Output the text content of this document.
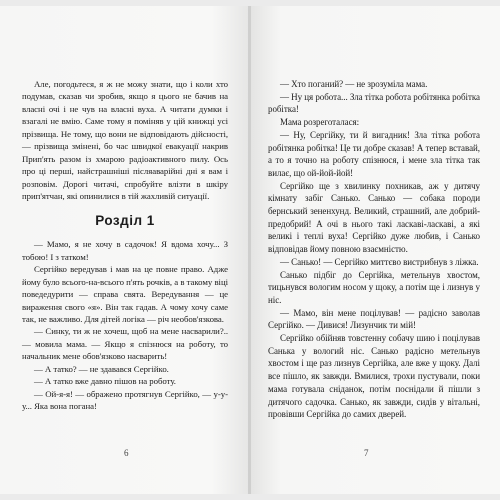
Але, погодьтеся, я ж не можу знати, що і коли хто подумав, сказав чи зробив, якщо я цього не бачив на власні очі і не чув на власні вуха. А читати думки і взагалі не вмію. Саме тому я поміняв у цій книжці усі прізвища. Не тому, що вони не відповідають дійсності, — прізвища змінені, бо час швидкої евакуації накрив Прип'ять разом із хмарою радіоактивного пилу. Ось про ці перші, найстрашніші післяаварійні дні я вам і розповім. Дорогі читачі, спробуйте влізти в шкіру прип'ятчан, які опинилися в тій жахливій ситуації.

Розділ 1

— Мамо, я не хочу в садочок! Я вдома хочу... З тобою! І з татком!

Сергійко вередував і мав на це повне право. Адже йому було всього-на-всього п'ять рочків, а в такому віці поведедурити — справа свята. Вередування — це вираження свого «я». Він так гадав. А чому хочу саме так, не важливо. Для дітей логіка — річ необов'язкова.

— Синку, ти ж не хочеш, щоб на мене насварили?.. — мовила мама. — Якщо я спізнюся на роботу, то начальник мене обов'язково насварить!

— А татко? — не здавався Сергійко.

— А татко вже давно пішов на роботу.

— Ой-я-я! — ображено протягнув Сергійко, — у-у-у... Яка вона погана!

6

— Хто поганий? — не зрозуміла мама.

— Ну ця робота... Зла тітка робота робітянка робітка робітка!

Мама розреготалася:

— Ну, Сергійку, ти й вигадник! Зла тітка робота робітянка робітка! Це ти добре сказав! А тепер вставай, а то я точно на роботу спізнюся, і мене зла тітка так вилає, що ой-йой-йой!

Сергійко ще з хвилинку похникав, аж у дитячу кімнату забіг Санько. Санько — собака породи бернський зененхунд. Великий, страшний, але добрий-предобрий! А очі в нього такі ласкаві-ласкаві, а які великі і теплі вуха! Сергійко дуже любив, і Санько відповідав йому повною взаємністю.

— Санько! — Сергійко миттєво вистрибнув з ліжка.

Санько підбіг до Сергійка, метельнув хвостом, тицьнувся вологим носом у щоку, а потім ще і лизнув у ніс.

— Мамо, він мене поцілував! — радісно заволав Сергійко. — Дивися! Лизунчик ти мій!

Сергійко обійняв товстенну собачу шию і поцілував Санька у вологий ніс. Санько радісно метельнув хвостом і ще раз лизнув Сергійка, але вже у щоку. Далі все пішло, як завжди. Вмилися, трохи пустували, поки мама готувала сніданок, потім поснідали й пішли з дитячого садочка. Санько, як завжди, сидів у вітальні, провівши Сергійка до самих дверей.

7
